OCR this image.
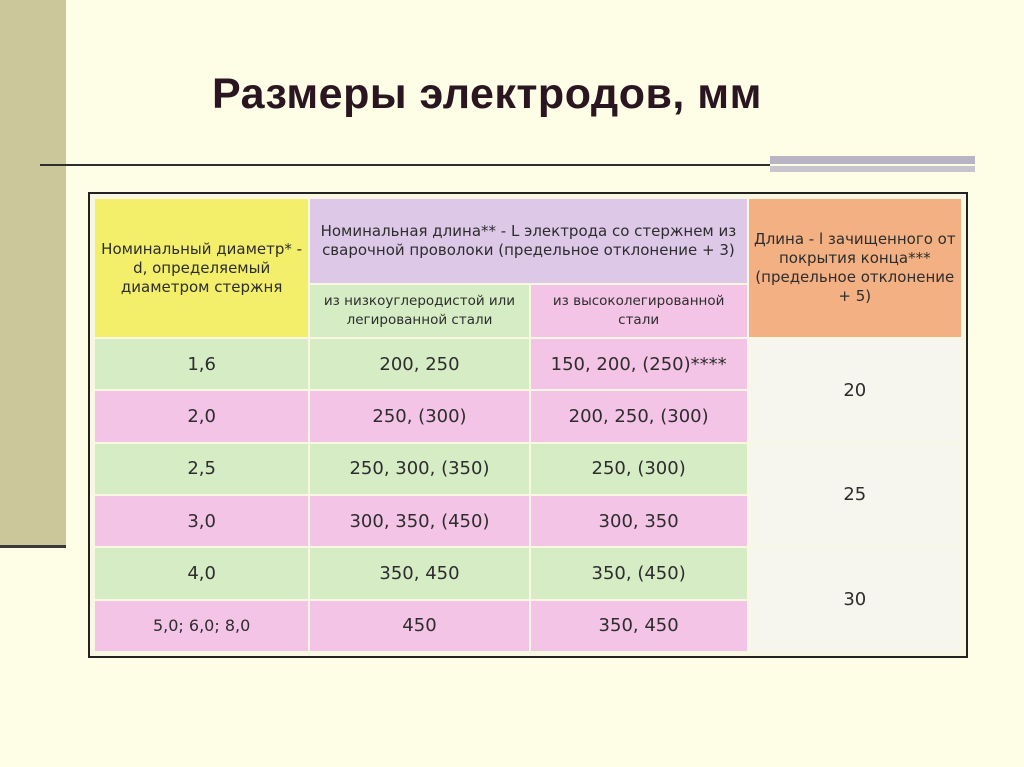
Размеры электродов, мм
Номинальный диаметр* - d, определяемый диаметром стержня	Номинальная длина** - L электрода со стержнем из сварочной проволоки (предельное отклонение + 3)		Длина - l зачищенного от покрытия конца*** (предельное отклонение + 5)
	из низкоуглеродистой или легированной стали	из высоколегированной стали	
1,6	200, 250	150, 200, (250)****	20
2,0	250, (300)	200, 250, (300)	
2,5	250, 300, (350)	250, (300)	25
3,0	300, 350, (450)	300, 350	
4,0	350, 450	350, (450)	30
5,0; 6,0; 8,0	450	350, 450	
